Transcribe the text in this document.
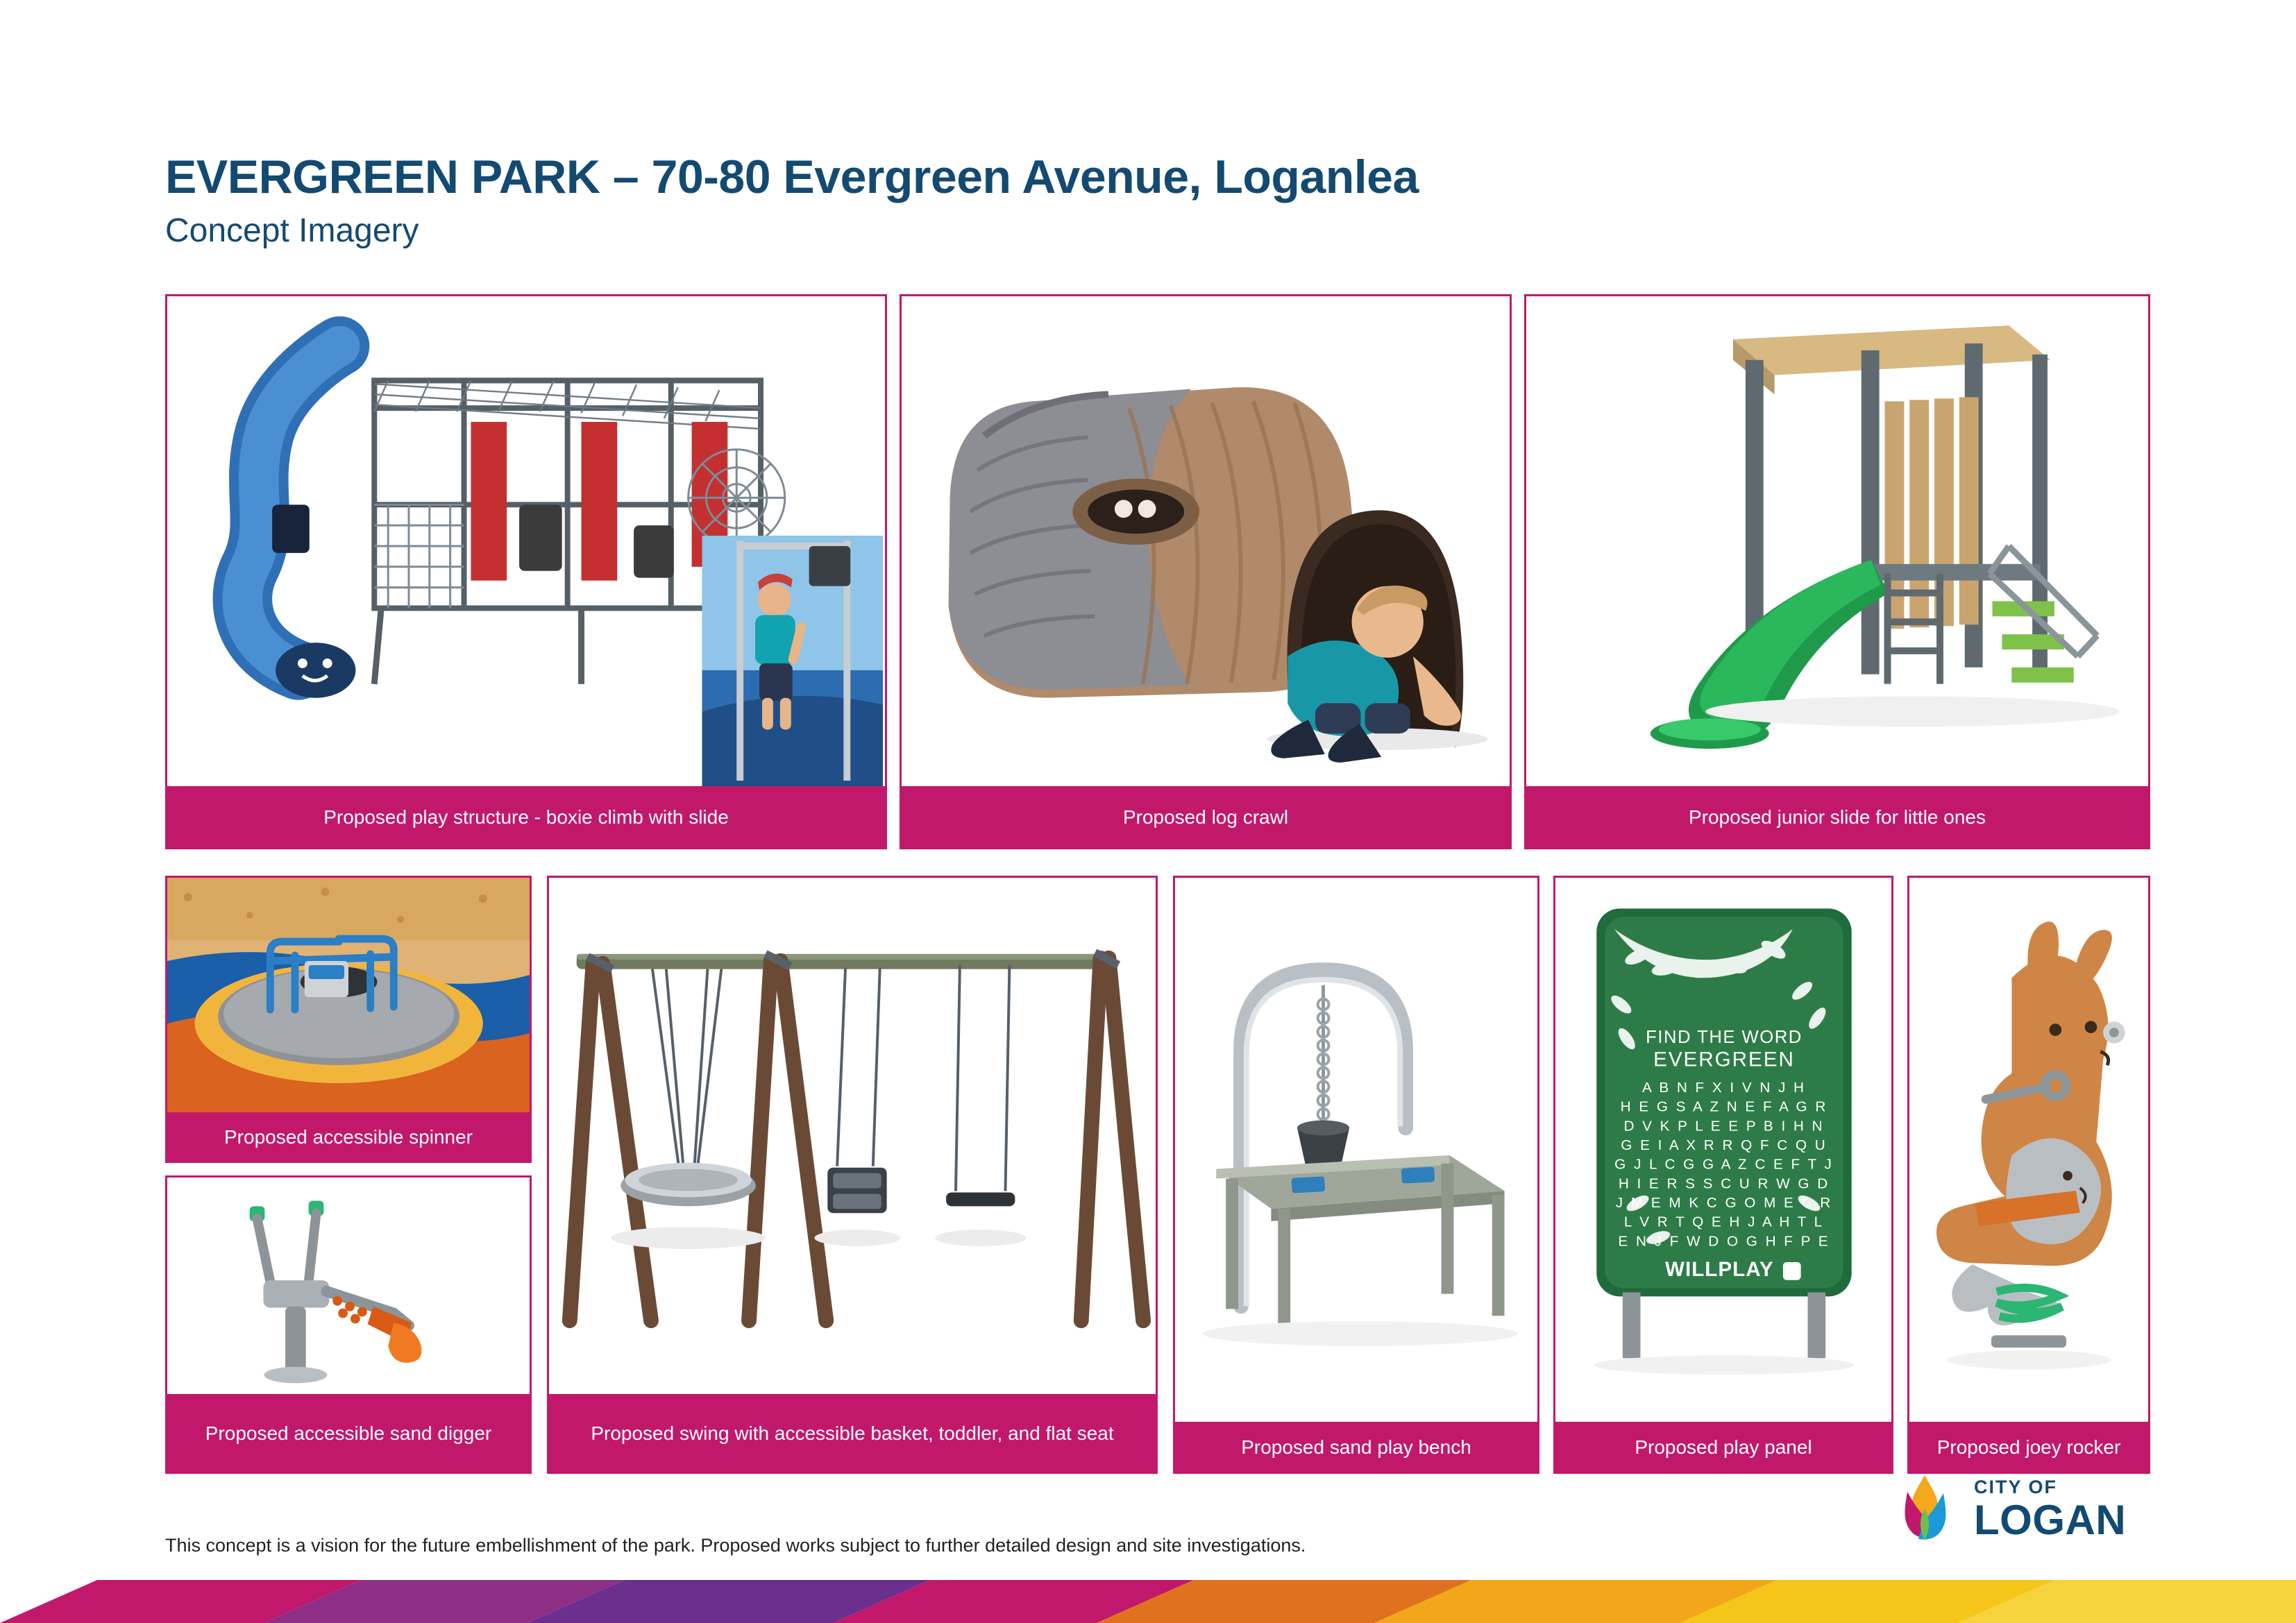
EVERGREEN PARK – 70-80 Evergreen Avenue, Loganlea
Concept Imagery
Proposed play structure - boxie climb with slide	Proposed log crawl	Proposed junior slide for little ones
Proposed accessible spinner
Proposed accessible sand digger	Proposed swing with accessible basket, toddler, and flat seat
Proposed sand play bench
FIND THE WORD
EVERGREEN
A B N F X I V N J H
H E G S A Z N E F A G R
D V K P L E E P B I H N
G E I A X R R Q F C Q U
G J L C G G A Z C E F T J
H I E R S S C U R W G D
J M E M K C G O M E C R
L V R T Q E H J A H T L
E N J F W D O G H F P E
WILLPLAY
Proposed play panel	Proposed joey rocker
This concept is a vision for the future embellishment of the park. Proposed works subject to further detailed design and site investigations.
CITY OF
LOGAN
